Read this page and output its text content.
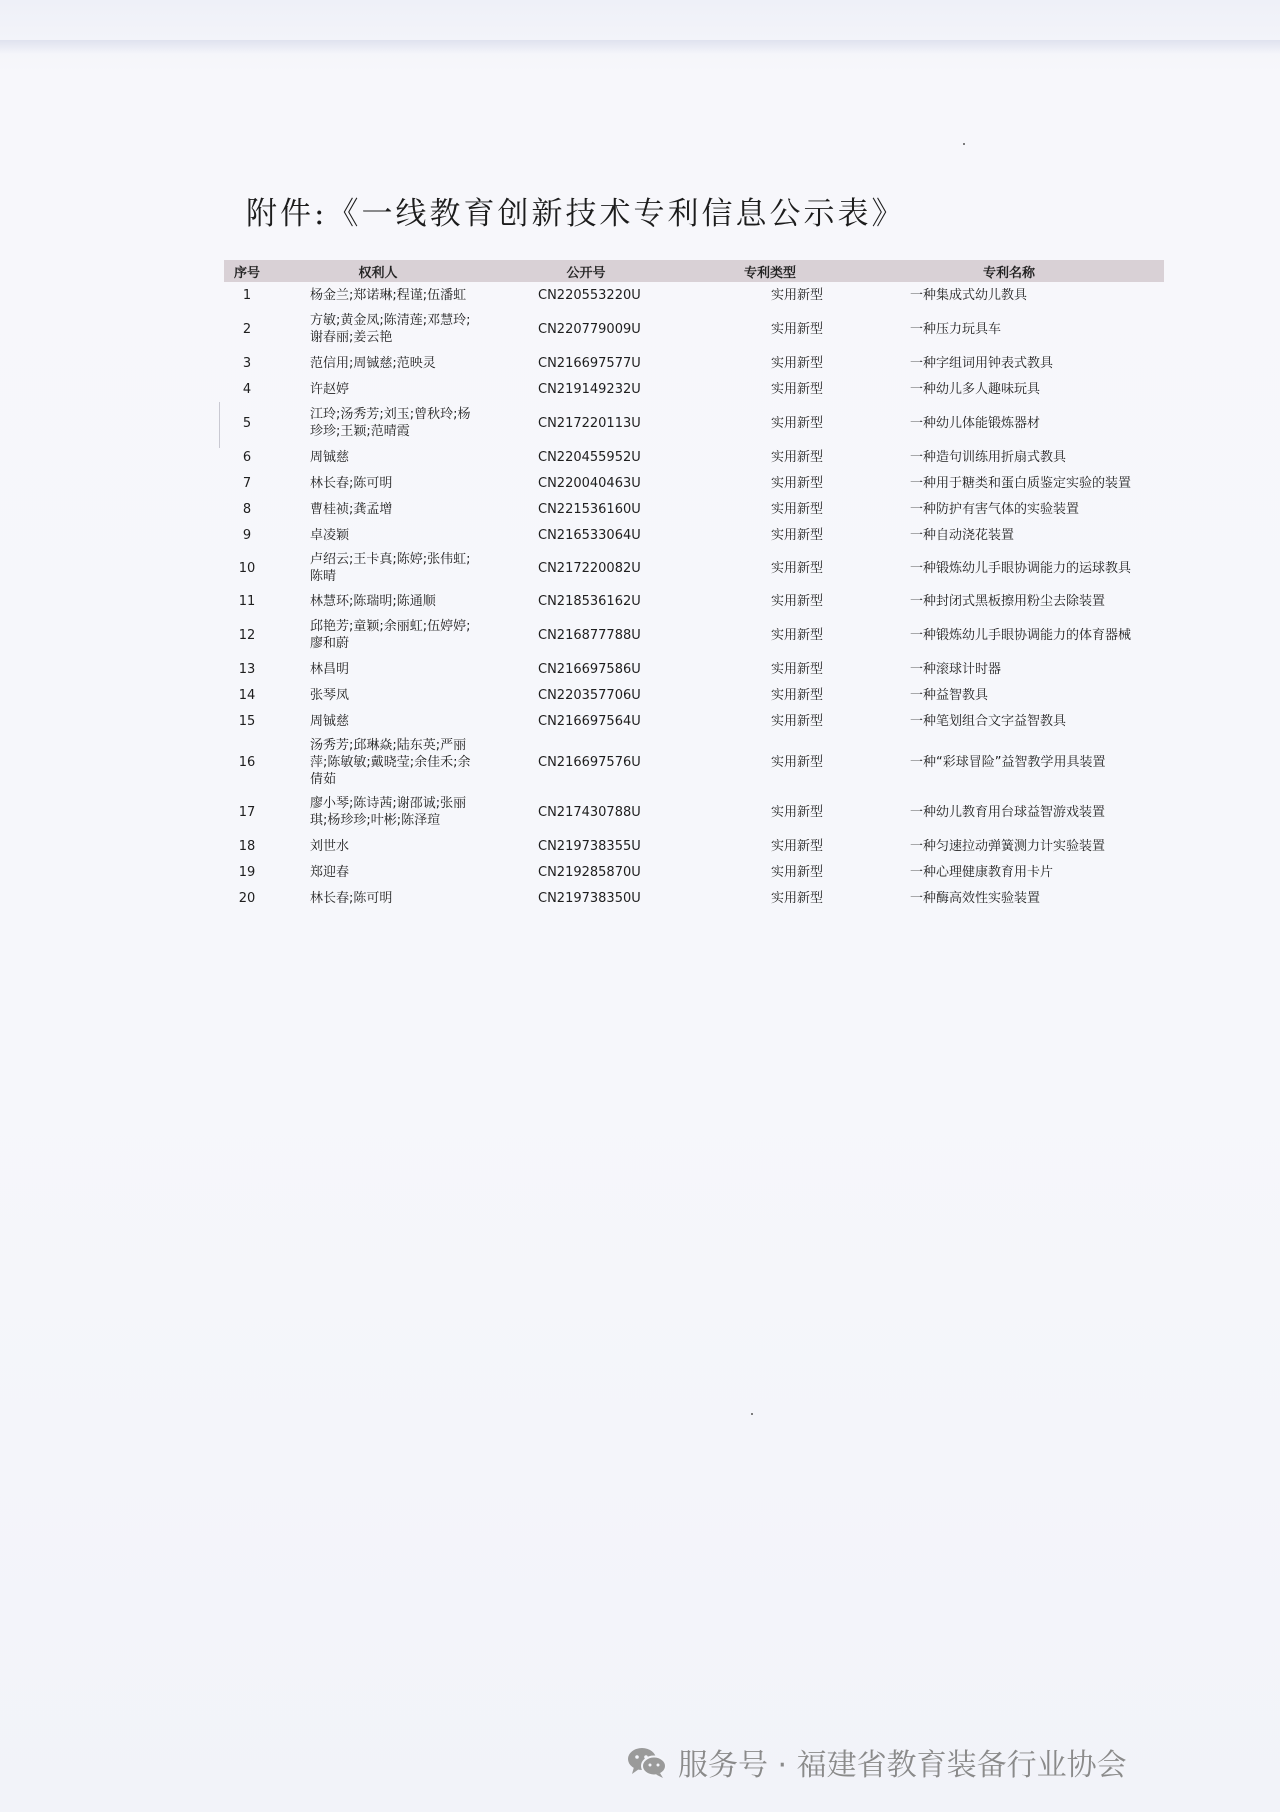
附件:《一线教育创新技术专利信息公示表》
序号	权利人	公开号	专利类型	专利名称
1	杨金兰;郑诺琳;程谨;伍潘虹	CN220553220U	实用新型	一种集成式幼儿教具
2	方敏;黄金凤;陈清莲;邓慧玲;谢春丽;姜云艳	CN220779009U	实用新型	一种压力玩具车
3	范信用;周铖慈;范映灵	CN216697577U	实用新型	一种字组词用钟表式教具
4	许赵婷	CN219149232U	实用新型	一种幼儿多人趣味玩具
5	江玲;汤秀芳;刘玉;曾秋玲;杨珍珍;王颖;范晴霞	CN217220113U	实用新型	一种幼儿体能锻炼器材
6	周铖慈	CN220455952U	实用新型	一种造句训练用折扇式教具
7	林长春;陈可明	CN220040463U	实用新型	一种用于糖类和蛋白质鉴定实验的装置
8	曹桂祯;龚孟增	CN221536160U	实用新型	一种防护有害气体的实验装置
9	卓凌颖	CN216533064U	实用新型	一种自动浇花装置
10	卢绍云;王卡真;陈婷;张伟虹;陈晴	CN217220082U	实用新型	一种锻炼幼儿手眼协调能力的运球教具
11	林慧环;陈瑞明;陈通顺	CN218536162U	实用新型	一种封闭式黑板擦用粉尘去除装置
12	邱艳芳;童颖;余丽虹;伍婷婷;廖和蔚	CN216877788U	实用新型	一种锻炼幼儿手眼协调能力的体育器械
13	林昌明	CN216697586U	实用新型	一种滚球计时器
14	张琴凤	CN220357706U	实用新型	一种益智教具
15	周铖慈	CN216697564U	实用新型	一种笔划组合文字益智教具
16	汤秀芳;邱琳焱;陆东英;严丽萍;陈敏敏;戴晓莹;余佳禾;余倩茹	CN216697576U	实用新型	一种“彩球冒险”益智教学用具装置
17	廖小琴;陈诗茜;谢邵诚;张丽琪;杨珍珍;叶彬;陈泽瑄	CN217430788U	实用新型	一种幼儿教育用台球益智游戏装置
18	刘世水	CN219738355U	实用新型	一种匀速拉动弹簧测力计实验装置
19	郑迎春	CN219285870U	实用新型	一种心理健康教育用卡片
20	林长春;陈可明	CN219738350U	实用新型	一种酶高效性实验装置
服务号 · 福建省教育装备行业协会
